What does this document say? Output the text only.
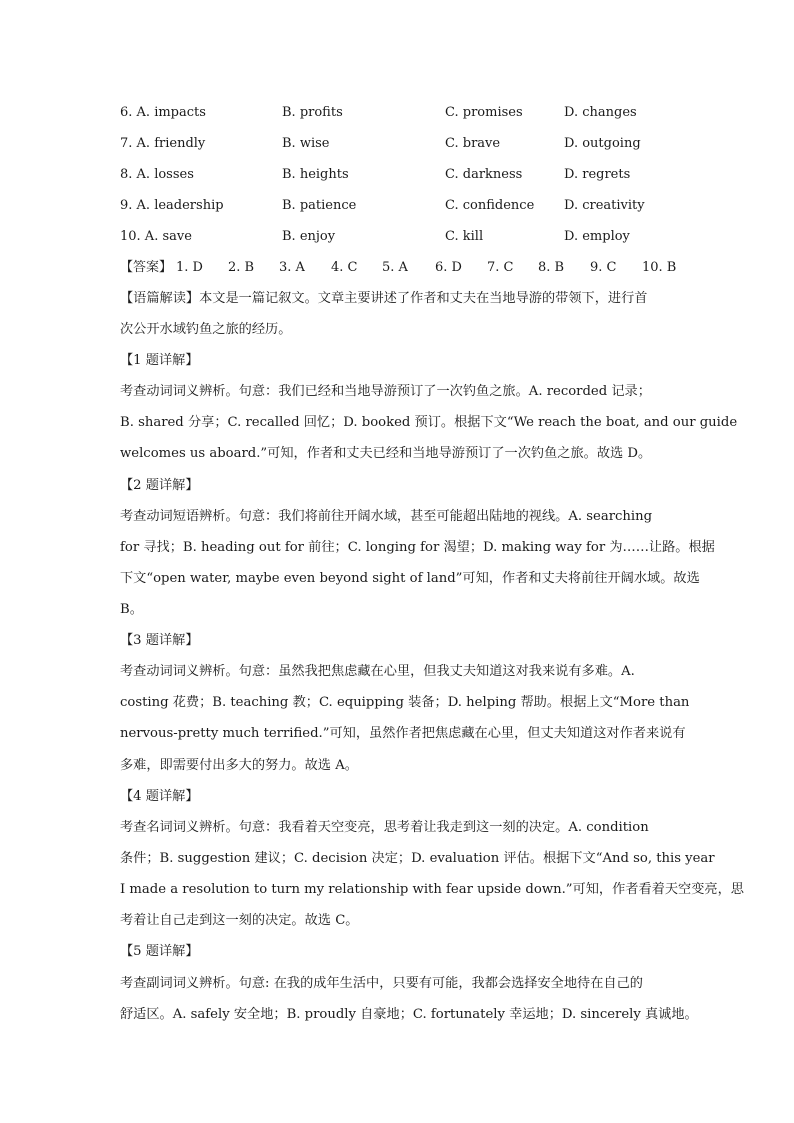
6. A. impacts	B. profits	C. promises	D. changes
7. A. friendly	B. wise	C. brave	D. outgoing
8. A. losses	B. heights	C. darkness	D. regrets
9. A. leadership	B. patience	C. confidence D. creativity
10. A. save	B. enjoy	C. kill	D. employ
【答案】 1. D 2. B 3. A 4. C 5. A 6. D 7. C 8. B 9. C 10. B
【语篇解读】本文是一篇记叙文。文章主要讲述了作者和丈夫在当地导游的带领下，进行首
次公开水域钓鱼之旅的经历。
【1 题详解】
考查动词词义辨析。句意：我们已经和当地导游预订了一次钓鱼之旅。A. recorded 记录；
B. shared 分享；C. recalled 回忆；D. booked 预订。根据下文“We reach the boat, and our guide
welcomes us aboard.”可知，作者和丈夫已经和当地导游预订了一次钓鱼之旅。故选 D。
【2 题详解】
考查动词短语辨析。句意：我们将前往开阔水域，甚至可能超出陆地的视线。A. searching
for 寻找；B. heading out for 前往；C. longing for 渴望；D. making way for 为……让路。根据
下文“open water, maybe even beyond sight of land”可知，作者和丈夫将前往开阔水域。故选
B。
【3 题详解】
考查动词词义辨析。句意：虽然我把焦虑藏在心里，但我丈夫知道这对我来说有多难。A.
costing 花费；B. teaching 教；C. equipping 装备；D. helping 帮助。根据上文“More than
nervous-pretty much terrified.”可知，虽然作者把焦虑藏在心里，但丈夫知道这对作者来说有
多难，即需要付出多大的努力。故选 A。
【4 题详解】
考查名词词义辨析。句意：我看着天空变亮，思考着让我走到这一刻的决定。A. condition
条件；B. suggestion 建议；C. decision 决定；D. evaluation 评估。根据下文“And so, this year
I made a resolution to turn my relationship with fear upside down.”可知，作者看着天空变亮，思
考着让自己走到这一刻的决定。故选 C。
【5 题详解】
考查副词词义辨析。句意: 在我的成年生活中，只要有可能，我都会选择安全地待在自己的
舒适区。A. safely 安全地；B. proudly 自豪地；C. fortunately 幸运地；D. sincerely 真诚地。
